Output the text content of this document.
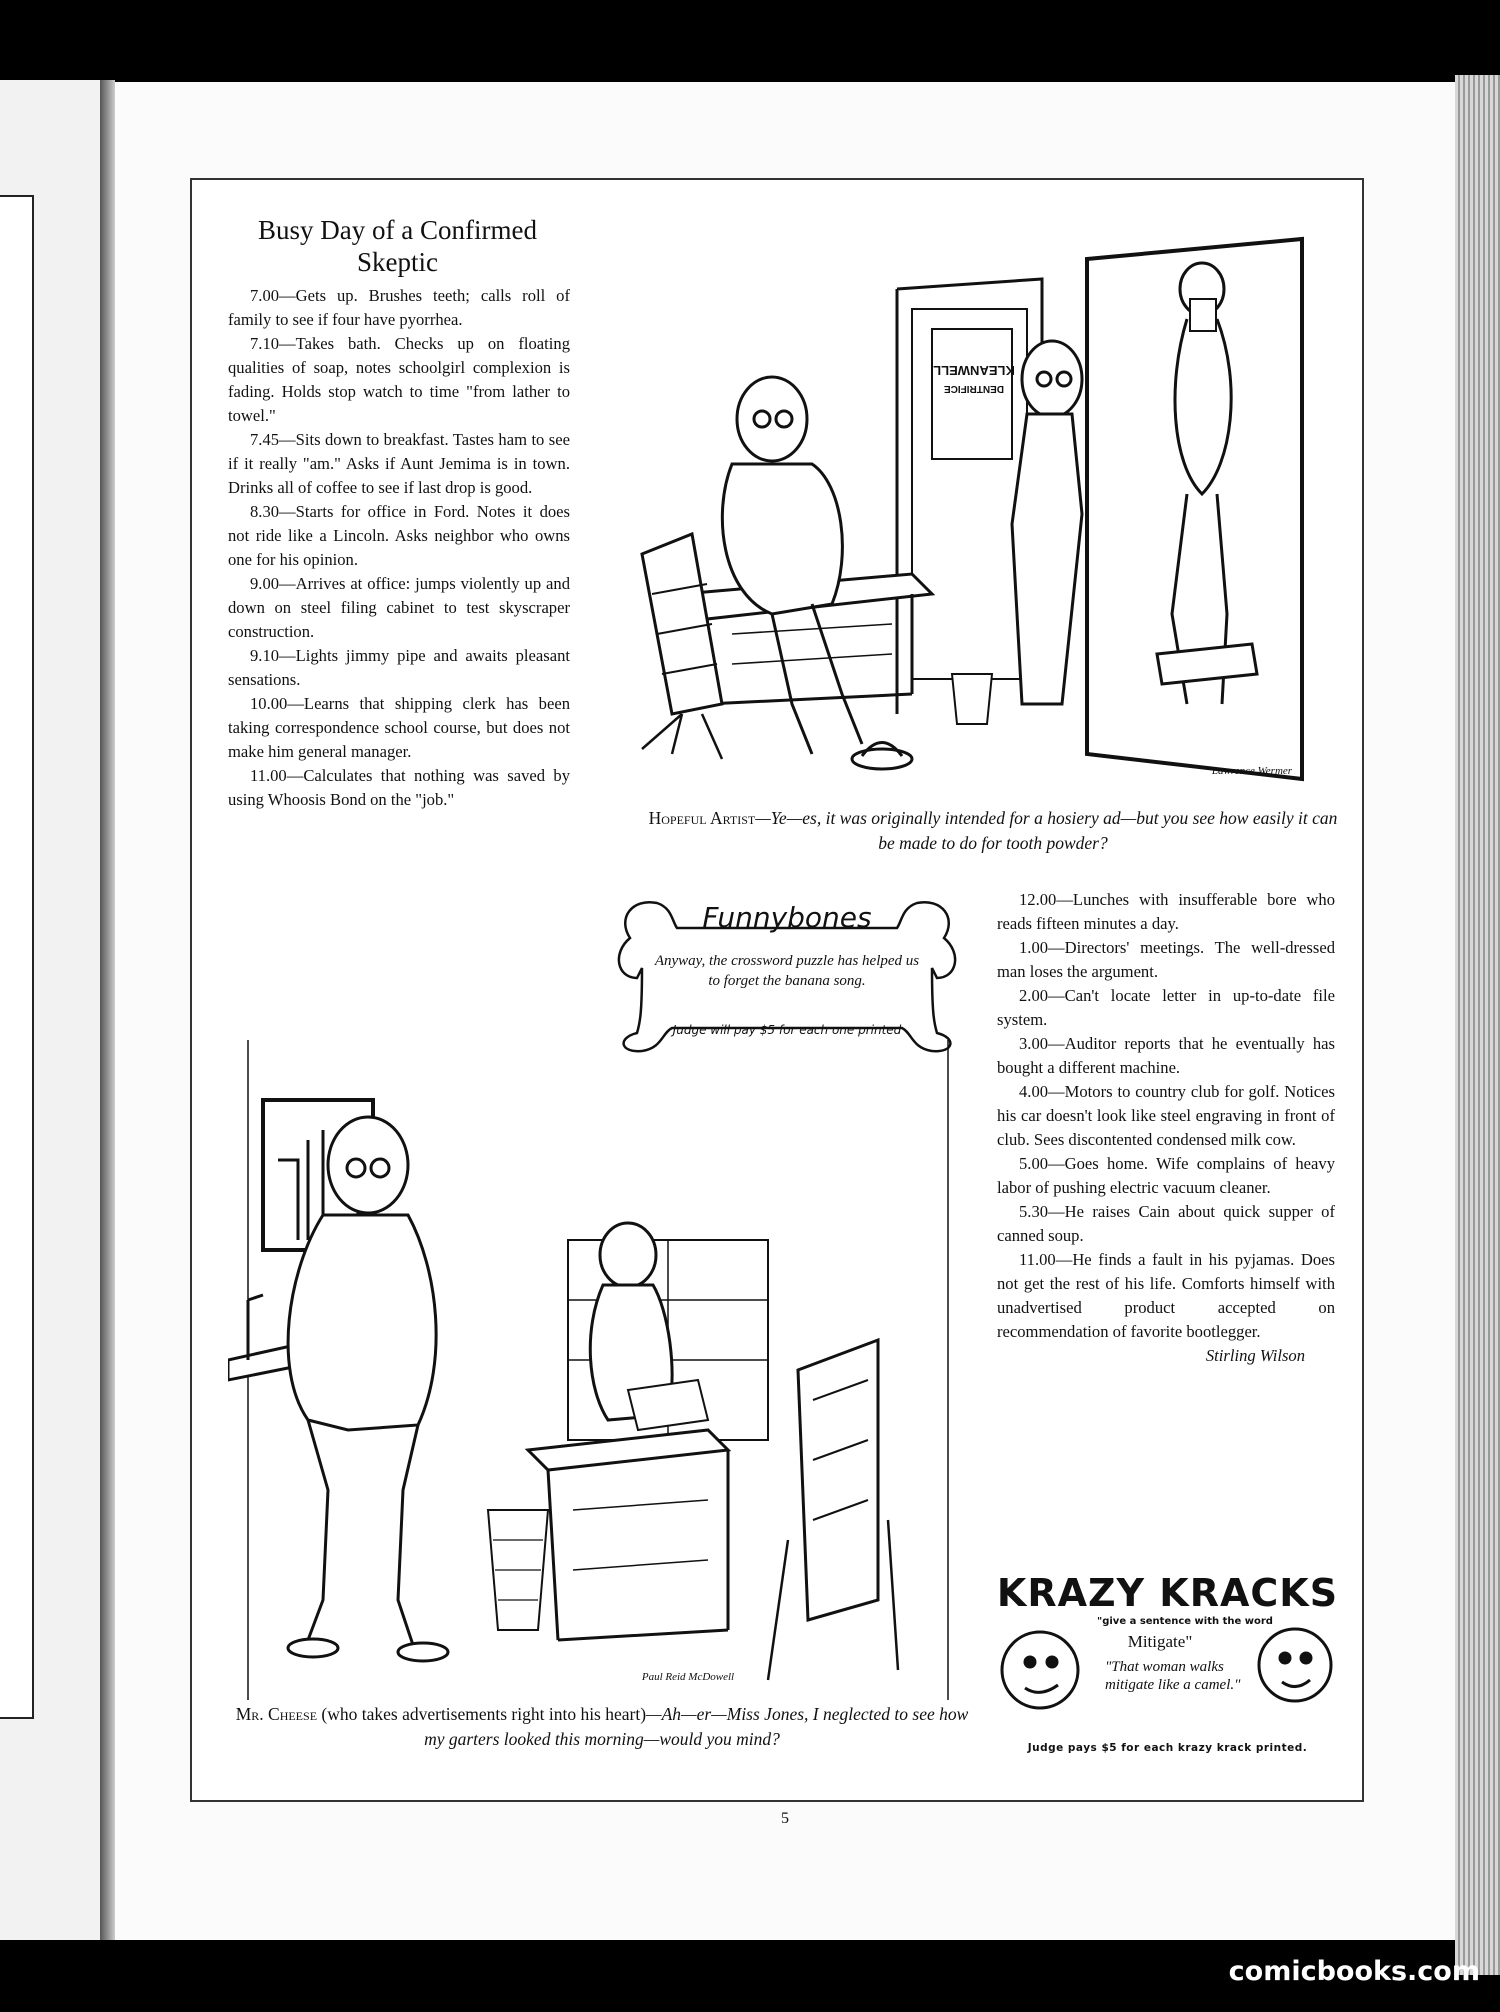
Busy Day of a Confirmed Skeptic

7.00—Gets up. Brushes teeth; calls roll of family to see if four have pyorrhea.

7.10—Takes bath. Checks up on floating qualities of soap, notes schoolgirl complexion is fading. Holds stop watch to time "from lather to towel."

7.45—Sits down to breakfast. Tastes ham to see if it really "am." Asks if Aunt Jemima is in town. Drinks all of coffee to see if last drop is good.

8.30—Starts for office in Ford. Notes it does not ride like a Lincoln. Asks neighbor who owns one for his opinion.

9.00—Arrives at office: jumps violently up and down on steel filing cabinet to test skyscraper construction.

9.10—Lights jimmy pipe and awaits pleasant sensations.

10.00—Learns that shipping clerk has been taking correspondence school course, but does not make him general manager.

11.00—Calculates that nothing was saved by using Whoosis Bond on the "job."

12.00—Lunches with insufferable bore who reads fifteen minutes a day.

1.00—Directors' meetings. The well-dressed man loses the argument.

2.00—Can't locate letter in up-to-date file system.

3.00—Auditor reports that he eventually has bought a different machine.

4.00—Motors to country club for golf. Notices his car doesn't look like steel engraving in front of club. Sees discontented condensed milk cow.

5.00—Goes home. Wife complains of heavy labor of pushing electric vacuum cleaner.

5.30—He raises Cain about quick supper of canned soup.

11.00—He finds a fault in his pyjamas. Does not get the rest of his life. Comforts himself with unadvertised product accepted on recommendation of favorite bootlegger.

Stirling Wilson
KLEANWELL
DENTRIFICE
Lawrence Wermer
Hopeful Artist—Ye—es, it was originally intended for a hosiery ad—but you see how easily it can be made to do for tooth powder?
Funnybones
Anyway, the crossword puzzle has helped us to forget the banana song.
Judge will pay $5 for each one printed
Paul Reid McDowell
Mr. Cheese (who takes advertisements right into his heart)—Ah—er—Miss Jones, I neglected to see how my garters looked this morning—would you mind?
KRAZY KRACKS
"give a sentence with the word
Mitigate"
"That woman walks mitigate like a camel."
Judge pays $5 for each krazy krack printed.
5
comicbooks.com
